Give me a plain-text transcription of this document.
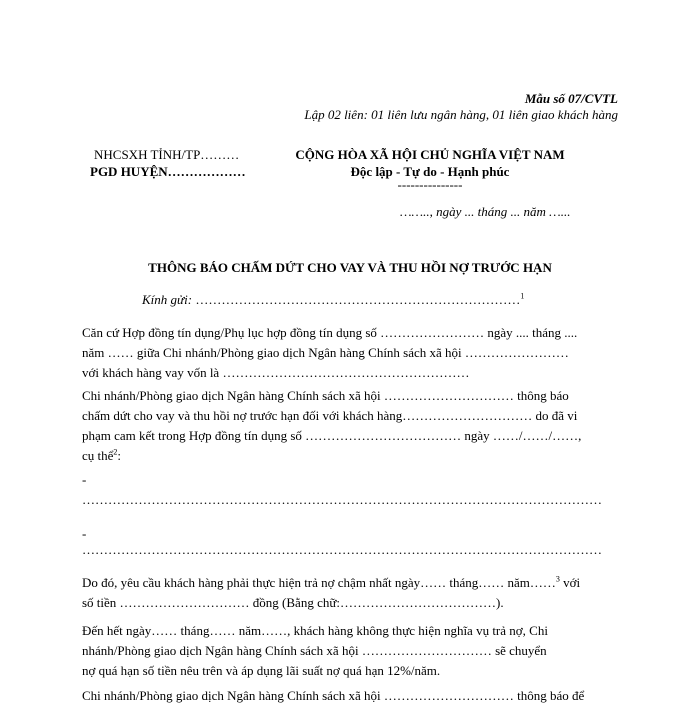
Mẫu số 07/CVTL
Lập 02 liên: 01 liên lưu ngân hàng, 01 liên giao khách hàng
NHCSXH TỈNH/TP………
PGD HUYỆN………………
CỘNG HÒA XÃ HỘI CHỦ NGHĨA VIỆT NAM
Độc lập - Tự do - Hạnh phúc
---------------
…….., ngày ... tháng ... năm …...
THÔNG BÁO CHẤM DỨT CHO VAY VÀ THU HỒI NỢ TRƯỚC HẠN
Kính gửi: …………………………………………………………………$^1$

Căn cứ Hợp đồng tín dụng/Phụ lục hợp đồng tín dụng số …………………… ngày .... tháng ....

năm …… giữa Chi nhánh/Phòng giao dịch Ngân hàng Chính sách xã hội ……………………

với khách hàng vay vốn là …………………………………………………

Chi nhánh/Phòng giao dịch Ngân hàng Chính sách xã hội ………………………… thông báo

chấm dứt cho vay và thu hồi nợ trước hạn đối với khách hàng………………………… do đã vi

phạm cam kết trong Hợp đồng tín dụng số ……………………………… ngày ……/……/……,

cụ thể$^2$:

-
…………………………………………………………………………………………………………
-
…………………………………………………………………………………………………………

Do đó, yêu cầu khách hàng phải thực hiện trả nợ chậm nhất ngày…… tháng…… năm……$^3$ với

số tiền ………………………… đồng (Bằng chữ:………………………………).

Đến hết ngày…… tháng…… năm……, khách hàng không thực hiện nghĩa vụ trả nợ, Chi

nhánh/Phòng giao dịch Ngân hàng Chính sách xã hội ………………………… sẽ chuyển

nợ quá hạn số tiền nêu trên và áp dụng lãi suất nợ quá hạn 12%/năm.

Chi nhánh/Phòng giao dịch Ngân hàng Chính sách xã hội ………………………… thông báo để
